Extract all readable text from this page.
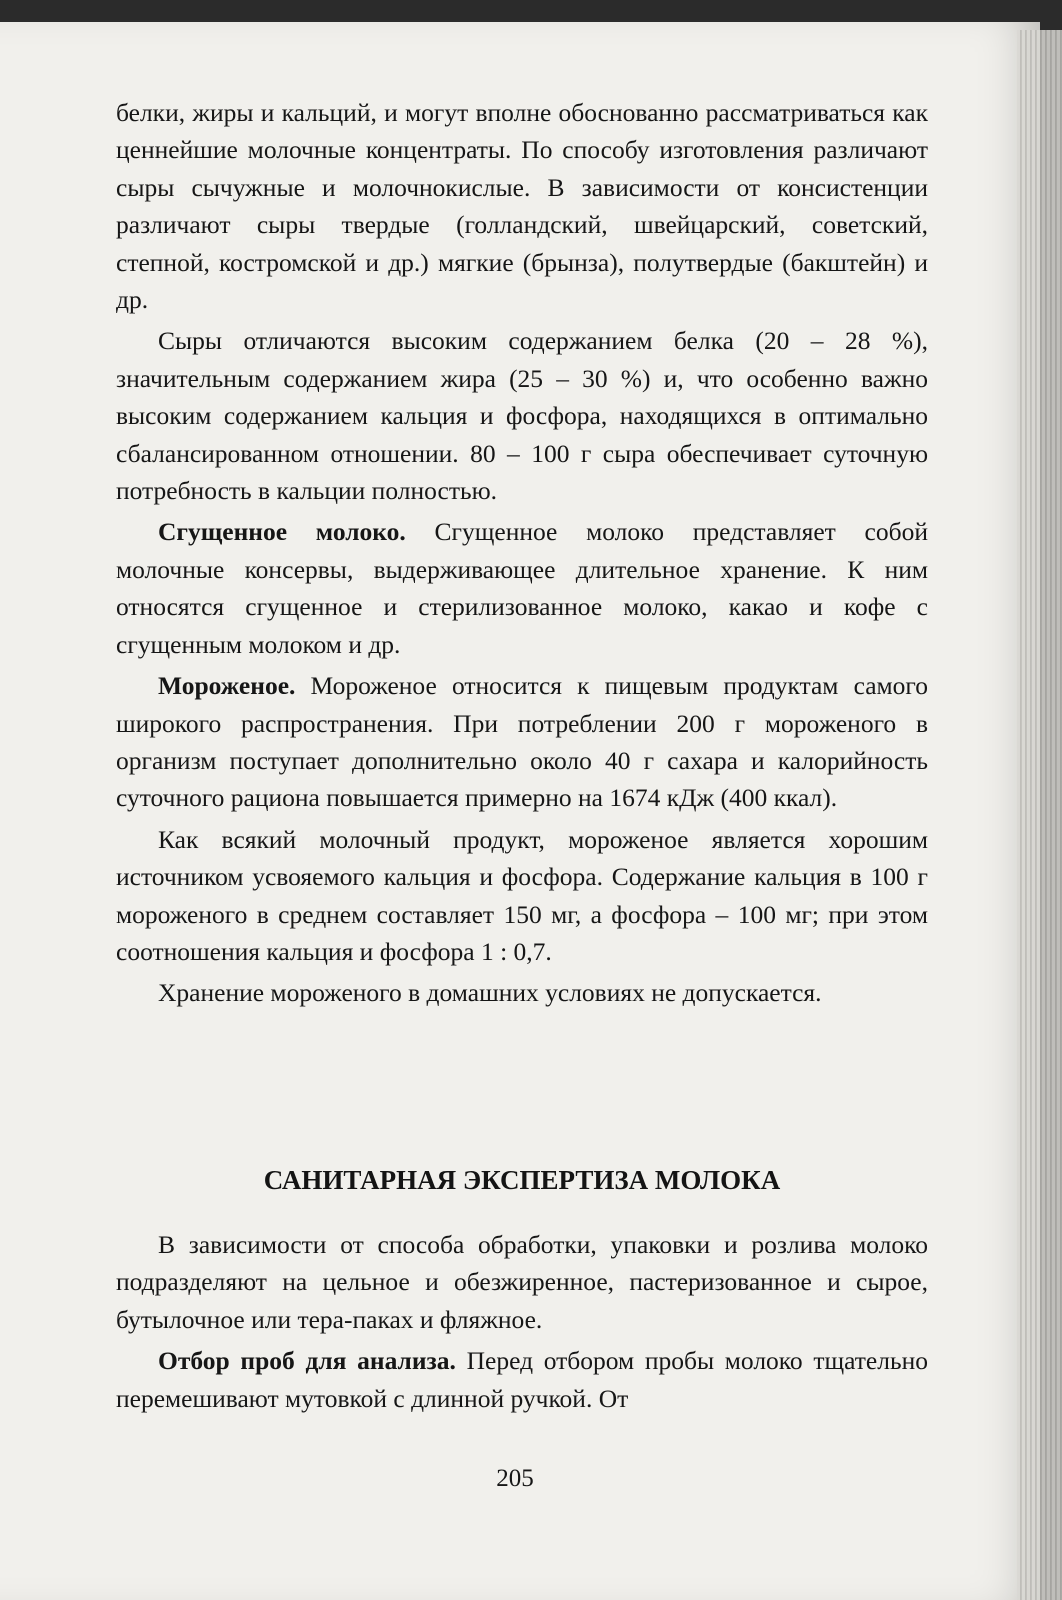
белки, жиры и кальций, и могут вполне обоснованно рассматриваться как ценнейшие молочные концентраты. По способу изготовления различают сыры сычужные и молочнокислые. В зависимости от консистенции различают сыры твердые (голландский, швейцарский, советский, степной, костромской и др.) мягкие (брынза), полутвердые (бакштейн) и др.

Сыры отличаются высоким содержанием белка (20 – 28 %), значительным содержанием жира (25 – 30 %) и, что особенно важно высоким содержанием кальция и фосфора, находящихся в оптимально сбалансированном отношении. 80 – 100 г сыра обеспечивает суточную потребность в кальции полностью.

Сгущенное молоко. Сгущенное молоко представляет собой молочные консервы, выдерживающее длительное хранение. К ним относятся сгущенное и стерилизованное молоко, какао и кофе с сгущенным молоком и др.

Мороженое. Мороженое относится к пищевым продуктам самого широкого распространения. При потреблении 200 г мороженого в организм поступает дополнительно около 40 г сахара и калорийность суточного рациона повышается примерно на 1674 кДж (400 ккал).

Как всякий молочный продукт, мороженое является хорошим источником усвояемого кальция и фосфора. Содержание кальция в 100 г мороженого в среднем составляет 150 мг, а фосфора – 100 мг; при этом соотношения кальция и фосфора 1 : 0,7.

Хранение мороженого в домашних условиях не допускается.

САНИТАРНАЯ ЭКСПЕРТИЗА МОЛОКА

В зависимости от способа обработки, упаковки и розлива молоко подразделяют на цельное и обезжиренное, пастеризованное и сырое, бутылочное или тера-паках и фляжное.

Отбор проб для анализа. Перед отбором пробы молоко тщательно перемешивают мутовкой с длинной ручкой. От

205
